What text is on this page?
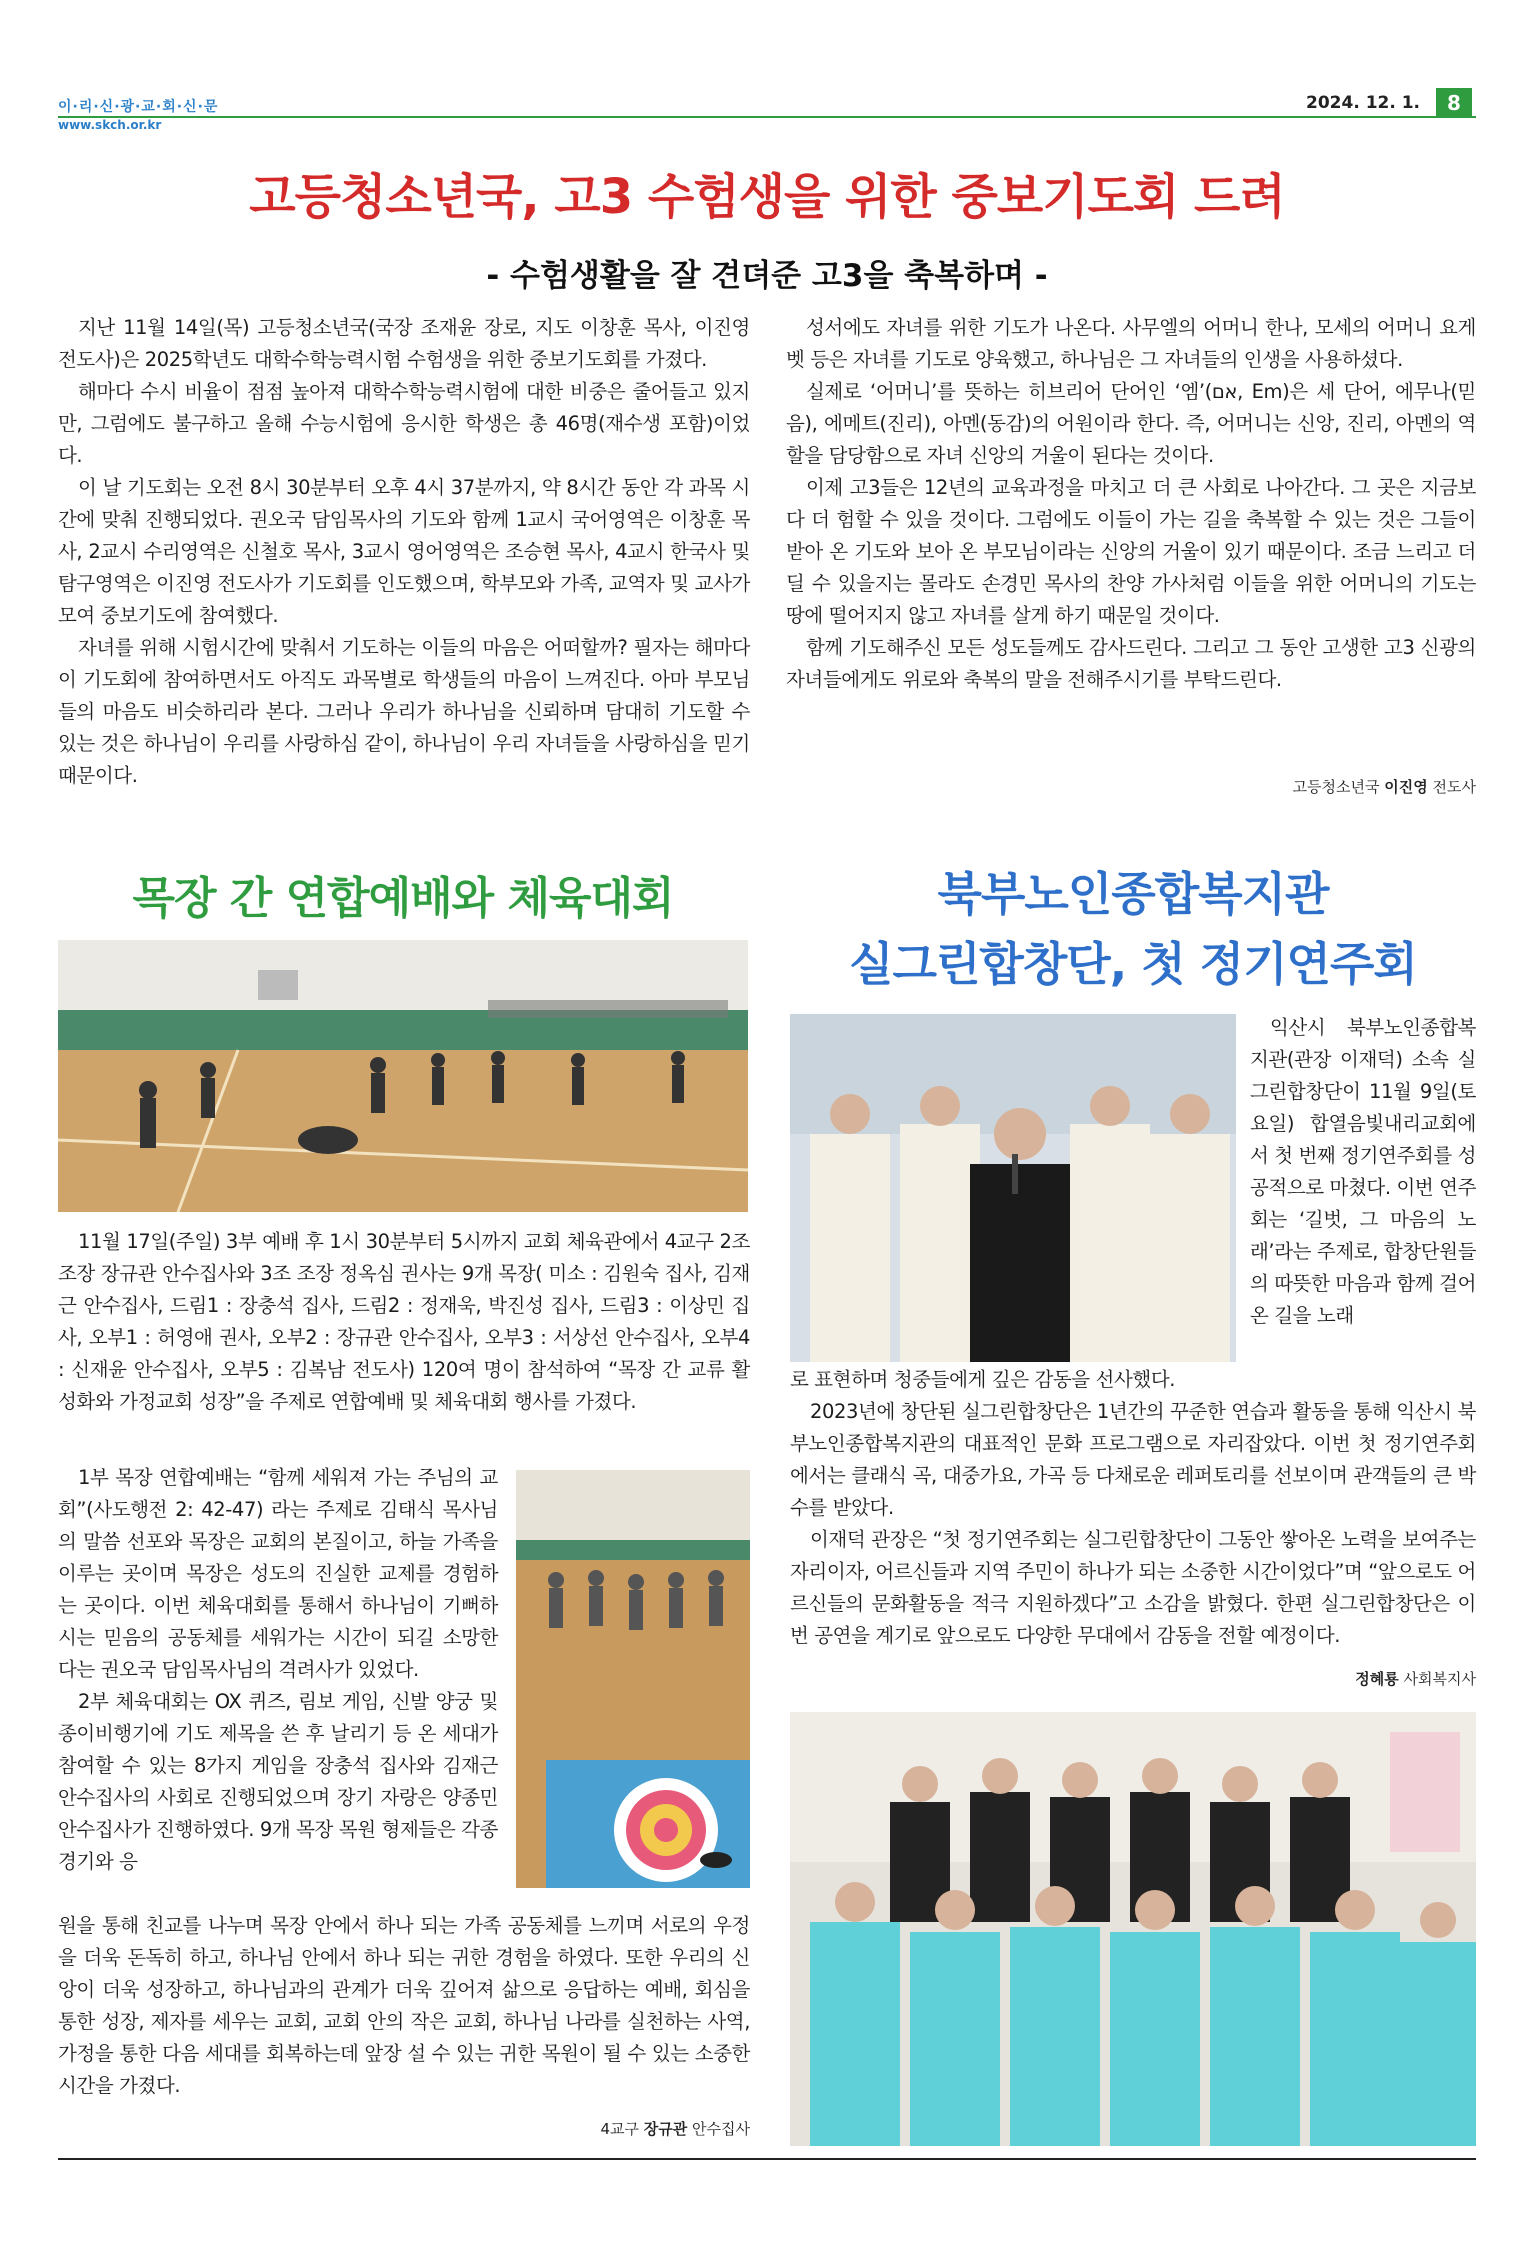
이·리·신·광·교·회·신·문
www.skch.or.kr
2024. 12. 1.	8
고등청소년국, 고3 수험생을 위한 중보기도회 드려
- 수험생활을 잘 견뎌준 고3을 축복하며 -

지난 11월 14일(목) 고등청소년국(국장 조재윤 장로, 지도 이창훈 목사, 이진영 전도사)은 2025학년도 대학수학능력시험 수험생을 위한 중보기도회를 가졌다.

해마다 수시 비율이 점점 높아져 대학수학능력시험에 대한 비중은 줄어들고 있지만, 그럼에도 불구하고 올해 수능시험에 응시한 학생은 총 46명(재수생 포함)이었다.

이 날 기도회는 오전 8시 30분부터 오후 4시 37분까지, 약 8시간 동안 각 과목 시간에 맞춰 진행되었다. 권오국 담임목사의 기도와 함께 1교시 국어영역은 이창훈 목사, 2교시 수리영역은 신철호 목사, 3교시 영어영역은 조승현 목사, 4교시 한국사 및 탐구영역은 이진영 전도사가 기도회를 인도했으며, 학부모와 가족, 교역자 및 교사가 모여 중보기도에 참여했다.

자녀를 위해 시험시간에 맞춰서 기도하는 이들의 마음은 어떠할까? 필자는 해마다 이 기도회에 참여하면서도 아직도 과목별로 학생들의 마음이 느껴진다. 아마 부모님들의 마음도 비슷하리라 본다. 그러나 우리가 하나님을 신뢰하며 담대히 기도할 수 있는 것은 하나님이 우리를 사랑하심 같이, 하나님이 우리 자녀들을 사랑하심을 믿기 때문이다.

성서에도 자녀를 위한 기도가 나온다. 사무엘의 어머니 한나, 모세의 어머니 요게벳 등은 자녀를 기도로 양육했고, 하나님은 그 자녀들의 인생을 사용하셨다.

실제로 ‘어머니’를 뜻하는 히브리어 단어인 ‘엠’(אם, Em)은 세 단어, 에무나(믿음), 에메트(진리), 아멘(동감)의 어원이라 한다. 즉, 어머니는 신앙, 진리, 아멘의 역할을 담당함으로 자녀 신앙의 거울이 된다는 것이다.

이제 고3들은 12년의 교육과정을 마치고 더 큰 사회로 나아간다. 그 곳은 지금보다 더 험할 수 있을 것이다. 그럼에도 이들이 가는 길을 축복할 수 있는 것은 그들이 받아 온 기도와 보아 온 부모님이라는 신앙의 거울이 있기 때문이다. 조금 느리고 더딜 수 있을지는 몰라도 손경민 목사의 찬양 가사처럼 이들을 위한 어머니의 기도는 땅에 떨어지지 않고 자녀를 살게 하기 때문일 것이다.

함께 기도해주신 모든 성도들께도 감사드린다. 그리고 그 동안 고생한 고3 신광의 자녀들에게도 위로와 축복의 말을 전해주시기를 부탁드린다.

고등청소년국 이진영 전도사
목장 간 연합예배와 체육대회

11월 17일(주일) 3부 예배 후 1시 30분부터 5시까지 교회 체육관에서 4교구 2조 조장 장규관 안수집사와 3조 조장 정옥심 권사는 9개 목장( 미소 : 김원숙 집사, 김재근 안수집사, 드림1 : 장충석 집사, 드림2 : 정재욱, 박진성 집사, 드림3 : 이상민 집사, 오부1 : 허영애 권사, 오부2 : 장규관 안수집사, 오부3 : 서상선 안수집사, 오부4 : 신재윤 안수집사, 오부5 : 김복남 전도사) 120여 명이 참석하여 “목장 간 교류 활성화와 가정교회 성장”을 주제로 연합예배 및 체육대회 행사를 가졌다.

1부 목장 연합예배는 “함께 세워져 가는 주님의 교회”(사도행전 2: 42-47) 라는 주제로 김태식 목사님의 말씀 선포와 목장은 교회의 본질이고, 하늘 가족을 이루는 곳이며 목장은 성도의 진실한 교제를 경험하는 곳이다. 이번 체육대회를 통해서 하나님이 기뻐하시는 믿음의 공동체를 세워가는 시간이 되길 소망한다는 권오국 담임목사님의 격려사가 있었다.

2부 체육대회는 OX 퀴즈, 림보 게임, 신발 양궁 및 종이비행기에 기도 제목을 쓴 후 날리기 등 온 세대가 참여할 수 있는 8가지 게임을 장충석 집사와 김재근 안수집사의 사회로 진행되었으며 장기 자랑은 양종민 안수집사가 진행하였다. 9개 목장 목원 형제들은 각종 경기와 응

원을 통해 친교를 나누며 목장 안에서 하나 되는 가족 공동체를 느끼며 서로의 우정을 더욱 돈독히 하고, 하나님 안에서 하나 되는 귀한 경험을 하였다. 또한 우리의 신앙이 더욱 성장하고, 하나님과의 관계가 더욱 깊어져 삶으로 응답하는 예배, 회심을 통한 성장, 제자를 세우는 교회, 교회 안의 작은 교회, 하나님 나라를 실천하는 사역, 가정을 통한 다음 세대를 회복하는데 앞장 설 수 있는 귀한 목원이 될 수 있는 소중한 시간을 가졌다.

4교구 장규관 안수집사
북부노인종합복지관
실그린합창단, 첫 정기연주회

익산시 북부노인종합복지관(관장 이재덕) 소속 실그린합창단이 11월 9일(토요일) 합열음빛내리교회에서 첫 번째 정기연주회를 성공적으로 마쳤다. 이번 연주회는 ‘길벗, 그 마음의 노래’라는 주제로, 합창단원들의 따뜻한 마음과 함께 걸어온 길을 노래

로 표현하며 청중들에게 깊은 감동을 선사했다.

2023년에 창단된 실그린합창단은 1년간의 꾸준한 연습과 활동을 통해 익산시 북부노인종합복지관의 대표적인 문화 프로그램으로 자리잡았다. 이번 첫 정기연주회에서는 클래식 곡, 대중가요, 가곡 등 다채로운 레퍼토리를 선보이며 관객들의 큰 박수를 받았다.

이재덕 관장은 “첫 정기연주회는 실그린합창단이 그동안 쌓아온 노력을 보여주는 자리이자, 어르신들과 지역 주민이 하나가 되는 소중한 시간이었다”며 “앞으로도 어르신들의 문화활동을 적극 지원하겠다”고 소감을 밝혔다. 한편 실그린합창단은 이번 공연을 계기로 앞으로도 다양한 무대에서 감동을 전할 예정이다.

정혜룡 사회복지사
